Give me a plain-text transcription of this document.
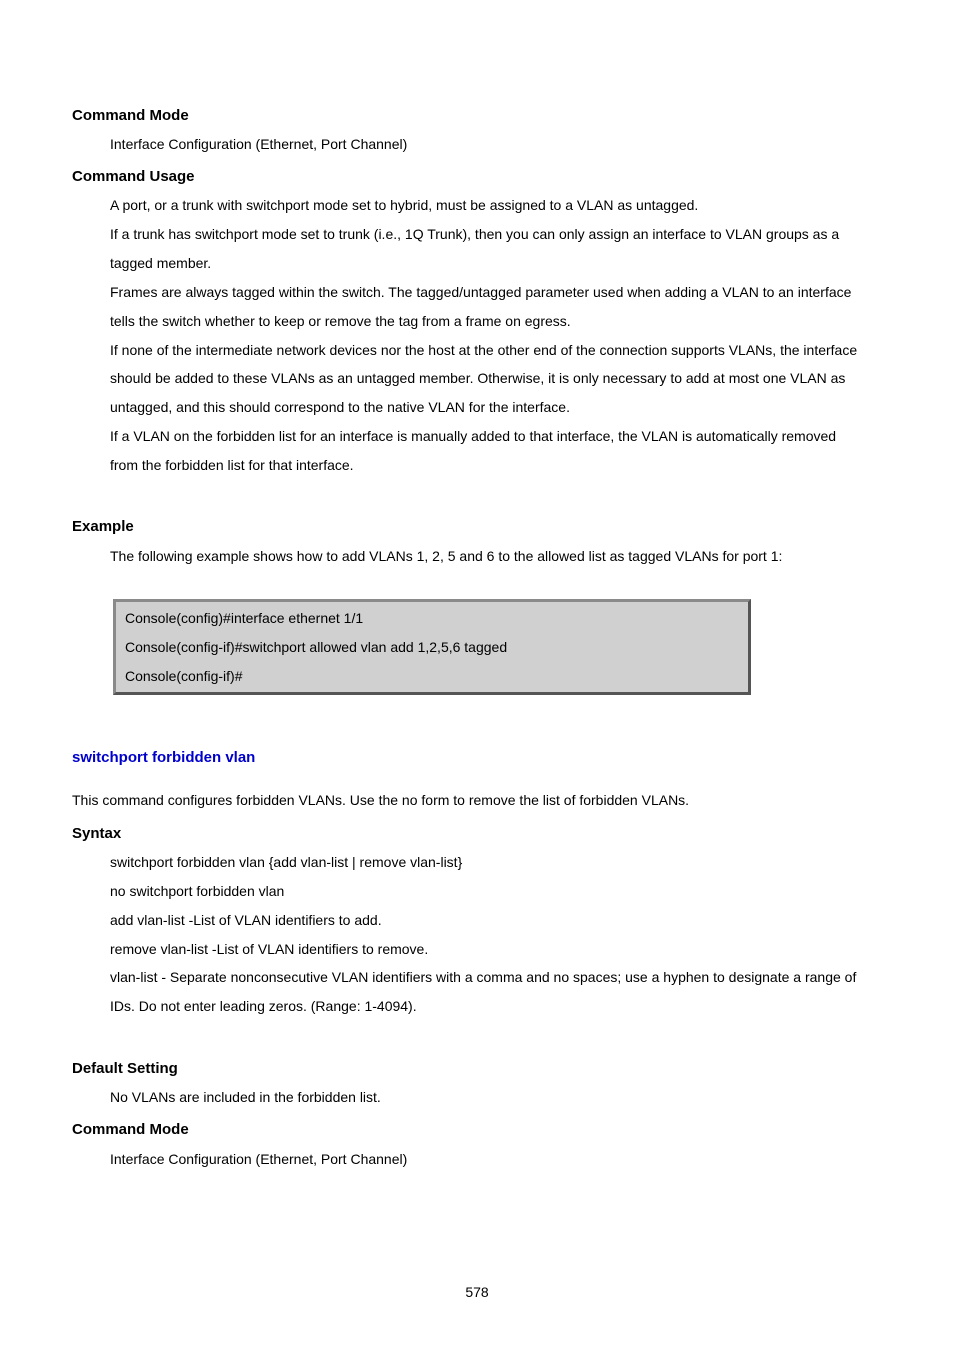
Command Mode
Interface Configuration (Ethernet, Port Channel)
Command Usage
A port, or a trunk with switchport mode set to hybrid, must be assigned to a VLAN as untagged.
If a trunk has switchport mode set to trunk (i.e., 1Q Trunk), then you can only assign an interface to VLAN groups as a
tagged member.
Frames are always tagged within the switch. The tagged/untagged parameter used when adding a VLAN to an interface
tells the switch whether to keep or remove the tag from a frame on egress.
If none of the intermediate network devices nor the host at the other end of the connection supports VLANs, the interface
should be added to these VLANs as an untagged member. Otherwise, it is only necessary to add at most one VLAN as
untagged, and this should correspond to the native VLAN for the interface.
If a VLAN on the forbidden list for an interface is manually added to that interface, the VLAN is automatically removed
from the forbidden list for that interface.
Example
The following example shows how to add VLANs 1, 2, 5 and 6 to the allowed list as tagged VLANs for port 1:
Console(config)#interface ethernet 1/1
Console(config-if)#switchport allowed vlan add 1,2,5,6 tagged
Console(config-if)#
switchport forbidden vlan
This command configures forbidden VLANs. Use the no form to remove the list of forbidden VLANs.
Syntax
switchport forbidden vlan {add vlan-list | remove vlan-list}
no switchport forbidden vlan
add vlan-list -List of VLAN identifiers to add.
remove vlan-list -List of VLAN identifiers to remove.
vlan-list - Separate nonconsecutive VLAN identifiers with a comma and no spaces; use a hyphen to designate a range of
IDs. Do not enter leading zeros. (Range: 1-4094).
Default Setting
No VLANs are included in the forbidden list.
Command Mode
Interface Configuration (Ethernet, Port Channel)
578
